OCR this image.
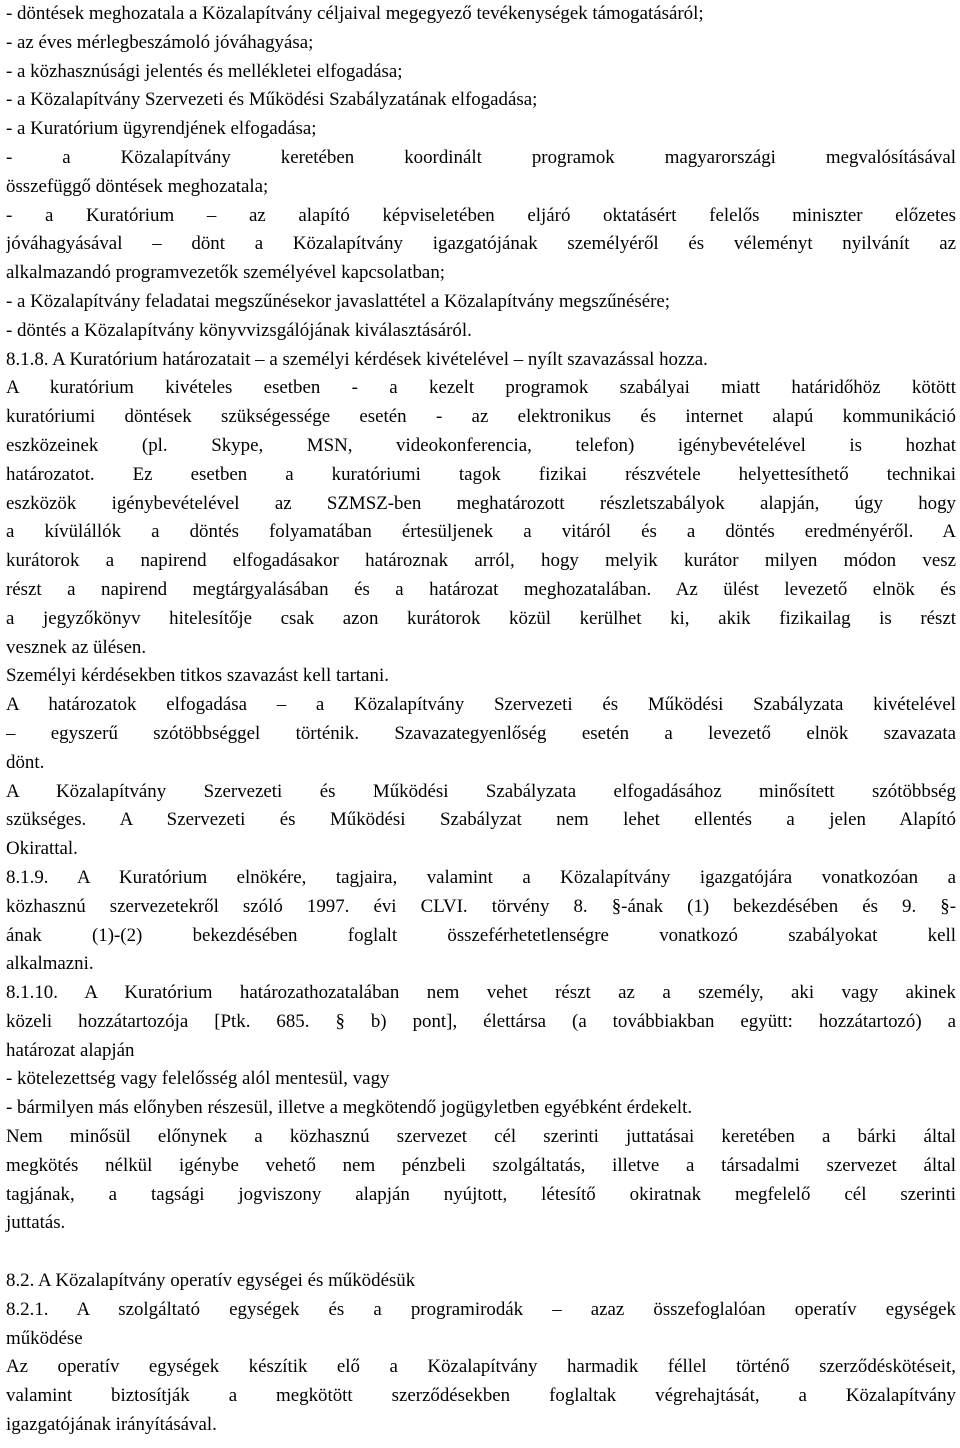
- döntések meghozatala a Közalapítvány céljaival megegyező tevékenységek támogatásáról;
- az éves mérlegbeszámoló jóváhagyása;
- a közhasznúsági jelentés és mellékletei elfogadása;
- a Közalapítvány Szervezeti és Működési Szabályzatának elfogadása;
- a Kuratórium ügyrendjének elfogadása;
- a Közalapítvány keretében koordinált programok magyarországi megvalósításával
összefüggő döntések meghozatala;
- a Kuratórium – az alapító képviseletében eljáró oktatásért felelős miniszter előzetes
jóváhagyásával – dönt a Közalapítvány igazgatójának személyéről és véleményt nyilvánít az
alkalmazandó programvezetők személyével kapcsolatban;
- a Közalapítvány feladatai megszűnésekor javaslattétel a Közalapítvány megszűnésére;
- döntés a Közalapítvány könyvvizsgálójának kiválasztásáról.
8.1.8. A Kuratórium határozatait – a személyi kérdések kivételével – nyílt szavazással hozza.
A kuratórium kivételes esetben - a kezelt programok szabályai miatt határidőhöz kötött
kuratóriumi döntések szükségessége esetén - az elektronikus és internet alapú kommunikáció
eszközeinek (pl. Skype, MSN, videokonferencia, telefon) igénybevételével is hozhat
határozatot. Ez esetben a kuratóriumi tagok fizikai részvétele helyettesíthető technikai
eszközök igénybevételével az SZMSZ-ben meghatározott részletszabályok alapján, úgy hogy
a kívülállók a döntés folyamatában értesüljenek a vitáról és a döntés eredményéről. A
kurátorok a napirend elfogadásakor határoznak arról, hogy melyik kurátor milyen módon vesz
részt a napirend megtárgyalásában és a határozat meghozatalában. Az ülést levezető elnök és
a jegyzőkönyv hitelesítője csak azon kurátorok közül kerülhet ki, akik fizikailag is részt
vesznek az ülésen.
Személyi kérdésekben titkos szavazást kell tartani.
A határozatok elfogadása – a Közalapítvány Szervezeti és Működési Szabályzata kivételével
– egyszerű szótöbbséggel történik. Szavazategyenlőség esetén a levezető elnök szavazata
dönt.
A Közalapítvány Szervezeti és Működési Szabályzata elfogadásához minősített szótöbbség
szükséges. A Szervezeti és Működési Szabályzat nem lehet ellentés a jelen Alapító
Okirattal.
8.1.9. A Kuratórium elnökére, tagjaira, valamint a Közalapítvány igazgatójára vonatkozóan a
közhasznú szervezetekről szóló 1997. évi CLVI. törvény 8. §-ának (1) bekezdésében és 9. §-
ának (1)-(2) bekezdésében foglalt összeférhetetlenségre vonatkozó szabályokat kell
alkalmazni.
8.1.10. A Kuratórium határozathozatalában nem vehet részt az a személy, aki vagy akinek
közeli hozzátartozója [Ptk. 685. § b) pont], élettársa (a továbbiakban együtt: hozzátartozó) a
határozat alapján
- kötelezettség vagy felelősség alól mentesül, vagy
- bármilyen más előnyben részesül, illetve a megkötendő jogügyletben egyébként érdekelt.
Nem minősül előnynek a közhasznú szervezet cél szerinti juttatásai keretében a bárki által
megkötés nélkül igénybe vehető nem pénzbeli szolgáltatás, illetve a társadalmi szervezet által
tagjának, a tagsági jogviszony alapján nyújtott, létesítő okiratnak megfelelő cél szerinti
juttatás.
8.2. A Közalapítvány operatív egységei és működésük
8.2.1. A szolgáltató egységek és a programirodák – azaz összefoglalóan operatív egységek
működése
Az operatív egységek készítik elő a Közalapítvány harmadik féllel történő szerződéskötéseit,
valamint biztosítják a megkötött szerződésekben foglaltak végrehajtását, a Közalapítvány
igazgatójának irányításával.
